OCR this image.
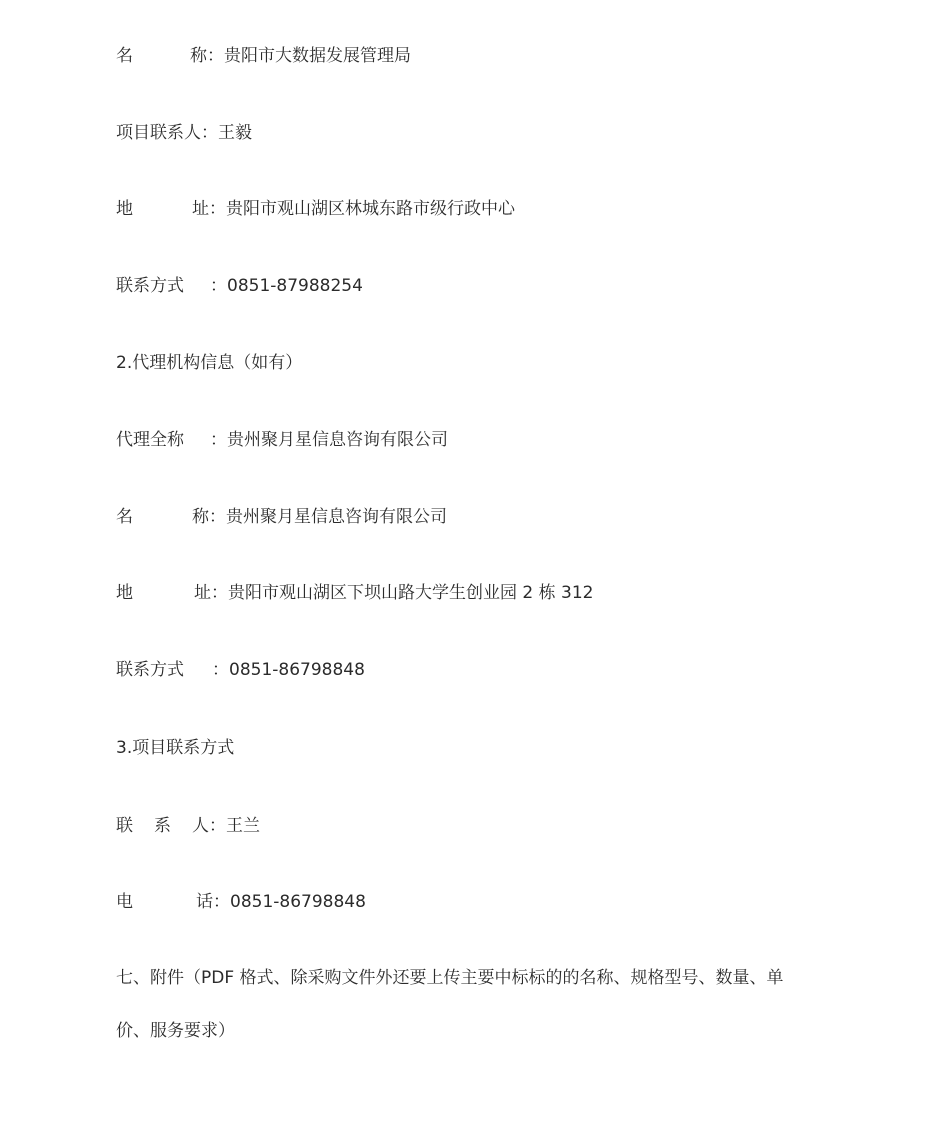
名	称：贵阳市大数据发展管理局
项目联系人：王毅
地	址：贵阳市观山湖区林城东路市级行政中心
联系方式 ：0851-87988254
2.代理机构信息（如有）
代理全称 ：贵州聚月星信息咨询有限公司
名	称：贵州聚月星信息咨询有限公司
地	址：贵阳市观山湖区下坝山路大学生创业园 2 栋 312
联系方式 ：0851-86798848
3.项目联系方式
联 系 人：王兰
电	话：0851-86798848
七、附件（PDF 格式、除采购文件外还要上传主要中标标的的名称、规格型号、数量、单
价、服务要求）
